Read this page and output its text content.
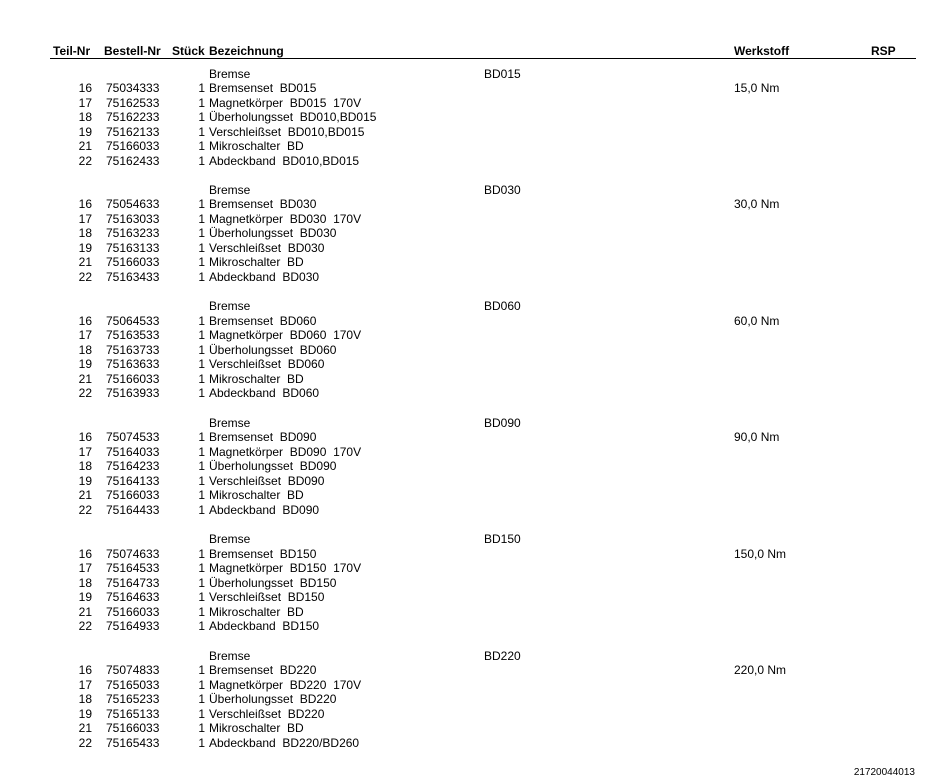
Teil-Nr Bestell-Nr Stück Bezeichnung	Werkstoff	RSP
Bremse	BD015
16 75034333	1 Bremsenset  BD015	15,0 Nm
17 75162533	1 Magnetkörper  BD015  170V
18 75162233	1 Überholungsset  BD010,BD015
19 75162133	1 Verschleißset  BD010,BD015
21 75166033	1 Mikroschalter  BD
22 75162433	1 Abdeckband  BD010,BD015
Bremse	BD030
16 75054633	1 Bremsenset  BD030	30,0 Nm
17 75163033	1 Magnetkörper  BD030  170V
18 75163233	1 Überholungsset  BD030
19 75163133	1 Verschleißset  BD030
21 75166033	1 Mikroschalter  BD
22 75163433	1 Abdeckband  BD030
Bremse	BD060
16 75064533	1 Bremsenset  BD060	60,0 Nm
17 75163533	1 Magnetkörper  BD060  170V
18 75163733	1 Überholungsset  BD060
19 75163633	1 Verschleißset  BD060
21 75166033	1 Mikroschalter  BD
22 75163933	1 Abdeckband  BD060
Bremse	BD090
16 75074533	1 Bremsenset  BD090	90,0 Nm
17 75164033	1 Magnetkörper  BD090  170V
18 75164233	1 Überholungsset  BD090
19 75164133	1 Verschleißset  BD090
21 75166033	1 Mikroschalter  BD
22 75164433	1 Abdeckband  BD090
Bremse	BD150
16 75074633	1 Bremsenset  BD150	150,0 Nm
17 75164533	1 Magnetkörper  BD150  170V
18 75164733	1 Überholungsset  BD150
19 75164633	1 Verschleißset  BD150
21 75166033	1 Mikroschalter  BD
22 75164933	1 Abdeckband  BD150
Bremse	BD220
16 75074833	1 Bremsenset  BD220	220,0 Nm
17 75165033	1 Magnetkörper  BD220  170V
18 75165233	1 Überholungsset  BD220
19 75165133	1 Verschleißset  BD220
21 75166033	1 Mikroschalter  BD
22 75165433	1 Abdeckband  BD220/BD260
21720044013
